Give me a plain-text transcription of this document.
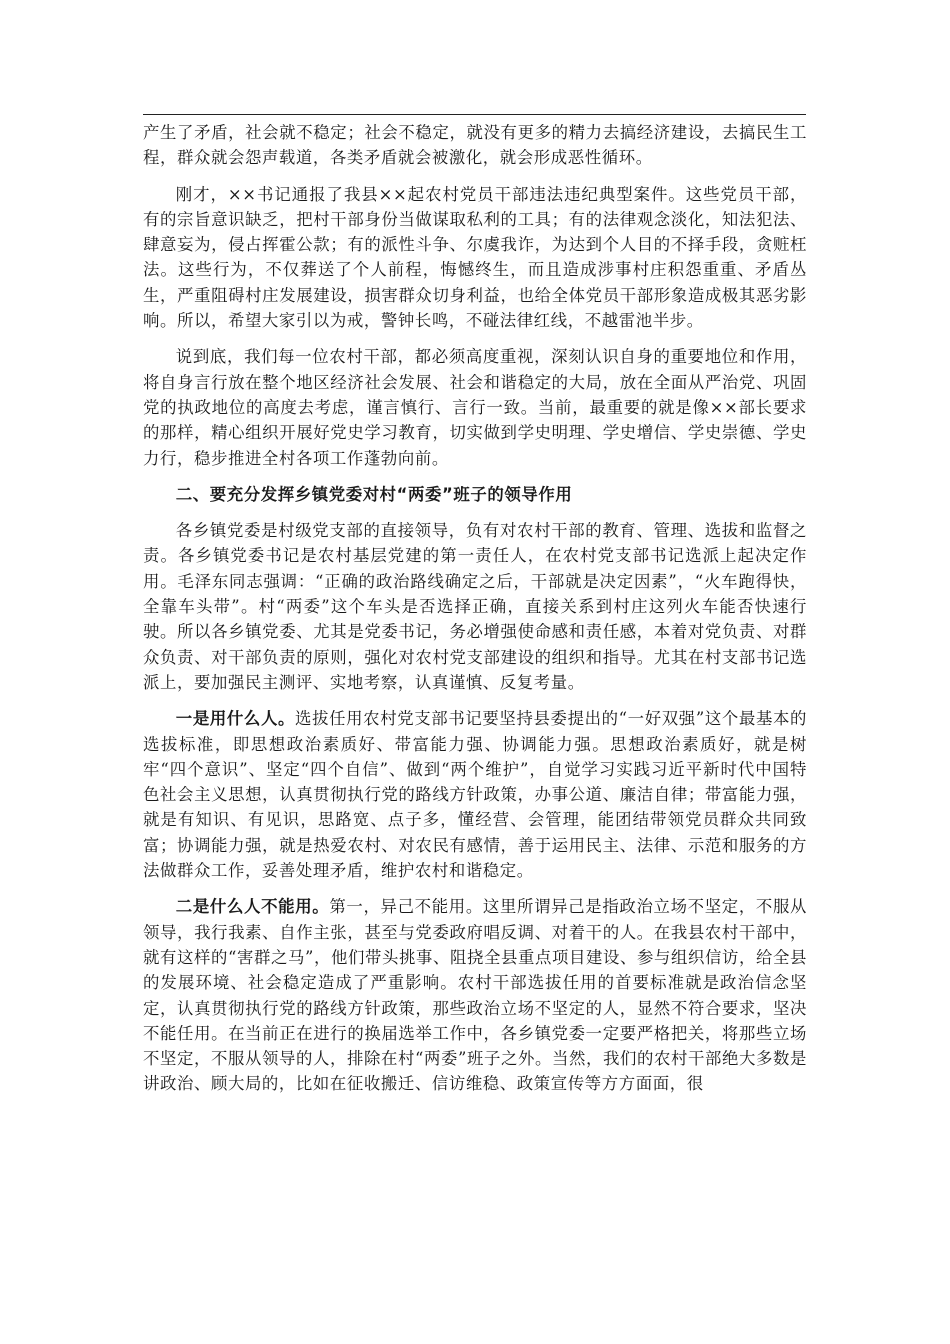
产生了矛盾，社会就不稳定；社会不稳定，就没有更多的精力去搞经济建设，去搞民生工程，群众就会怨声载道，各类矛盾就会被激化，就会形成恶性循环。

刚才，××书记通报了我县××起农村党员干部违法违纪典型案件。这些党员干部，有的宗旨意识缺乏，把村干部身份当做谋取私利的工具；有的法律观念淡化，知法犯法、肆意妄为，侵占挥霍公款；有的派性斗争、尔虞我诈，为达到个人目的不择手段，贪赃枉法。这些行为，不仅葬送了个人前程，悔憾终生，而且造成涉事村庄积怨重重、矛盾丛生，严重阻碍村庄发展建设，损害群众切身利益，也给全体党员干部形象造成极其恶劣影响。所以，希望大家引以为戒，警钟长鸣，不碰法律红线，不越雷池半步。

说到底，我们每一位农村干部，都必须高度重视，深刻认识自身的重要地位和作用，将自身言行放在整个地区经济社会发展、社会和谐稳定的大局，放在全面从严治党、巩固党的执政地位的高度去考虑，谨言慎行、言行一致。当前，最重要的就是像××部长要求的那样，精心组织开展好党史学习教育，切实做到学史明理、学史增信、学史崇德、学史力行，稳步推进全村各项工作蓬勃向前。

二、要充分发挥乡镇党委对村“两委”班子的领导作用

各乡镇党委是村级党支部的直接领导，负有对农村干部的教育、管理、选拔和监督之责。各乡镇党委书记是农村基层党建的第一责任人，在农村党支部书记选派上起决定作用。毛泽东同志强调：“正确的政治路线确定之后，干部就是决定因素”，“火车跑得快，全靠车头带”。村“两委”这个车头是否选择正确，直接关系到村庄这列火车能否快速行驶。所以各乡镇党委、尤其是党委书记，务必增强使命感和责任感，本着对党负责、对群众负责、对干部负责的原则，强化对农村党支部建设的组织和指导。尤其在村支部书记选派上，要加强民主测评、实地考察，认真谨慎、反复考量。

一是用什么人。选拔任用农村党支部书记要坚持县委提出的“一好双强”这个最基本的选拔标准，即思想政治素质好、带富能力强、协调能力强。思想政治素质好，就是树牢“四个意识”、坚定“四个自信”、做到“两个维护”，自觉学习实践习近平新时代中国特色社会主义思想，认真贯彻执行党的路线方针政策，办事公道、廉洁自律；带富能力强，就是有知识、有见识，思路宽、点子多，懂经营、会管理，能团结带领党员群众共同致富；协调能力强，就是热爱农村、对农民有感情，善于运用民主、法律、示范和服务的方法做群众工作，妥善处理矛盾，维护农村和谐稳定。

二是什么人不能用。第一，异己不能用。这里所谓异己是指政治立场不坚定，不服从领导，我行我素、自作主张，甚至与党委政府唱反调、对着干的人。在我县农村干部中，就有这样的“害群之马”，他们带头挑事、阻挠全县重点项目建设、参与组织信访，给全县的发展环境、社会稳定造成了严重影响。农村干部选拔任用的首要标准就是政治信念坚定，认真贯彻执行党的路线方针政策，那些政治立场不坚定的人，显然不符合要求，坚决不能任用。在当前正在进行的换届选举工作中，各乡镇党委一定要严格把关，将那些立场不坚定，不服从领导的人，排除在村“两委”班子之外。当然，我们的农村干部绝大多数是讲政治、顾大局的，比如在征收搬迁、信访维稳、政策宣传等方方面面，很
